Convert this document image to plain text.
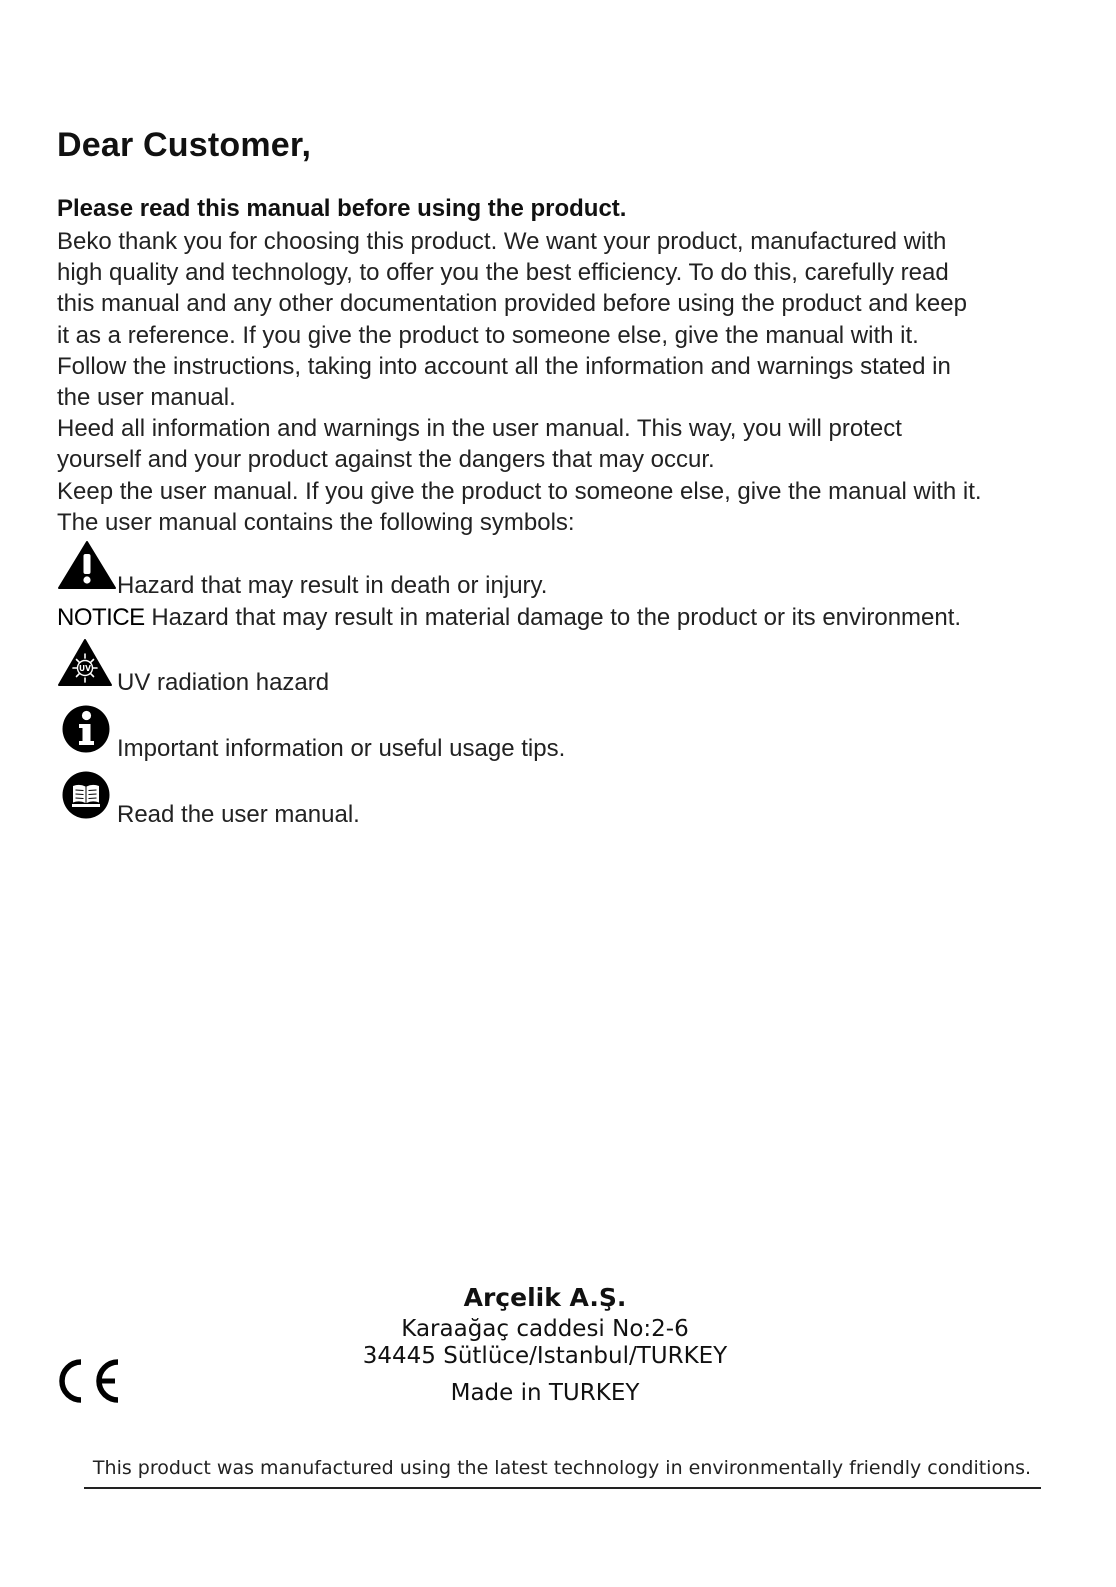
Dear Customer,
Please read this manual before using the product.

Beko thank you for choosing this product. We want your product, manufactured with

high quality and technology, to offer you the best efficiency. To do this, carefully read

this manual and any other documentation provided before using the product and keep

it as a reference. If you give the product to someone else, give the manual with it.

Follow the instructions, taking into account all the information and warnings stated in

the user manual.

Heed all information and warnings in the user manual. This way, you will protect

yourself and your product against the dangers that may occur.

Keep the user manual. If you give the product to someone else, give the manual with it.

The user manual contains the following symbols:

Hazard that may result in death or injury.
NOTICE Hazard that may result in material damage to the product or its environment.
UV
UV radiation hazard
Important information or useful usage tips.
Read the user manual.
Arçelik A.Ş.
Karaağaç caddesi No:2-6
34445 Sütlüce/Istanbul/TURKEY
Made in TURKEY
This product was manufactured using the latest technology in environmentally friendly conditions.
